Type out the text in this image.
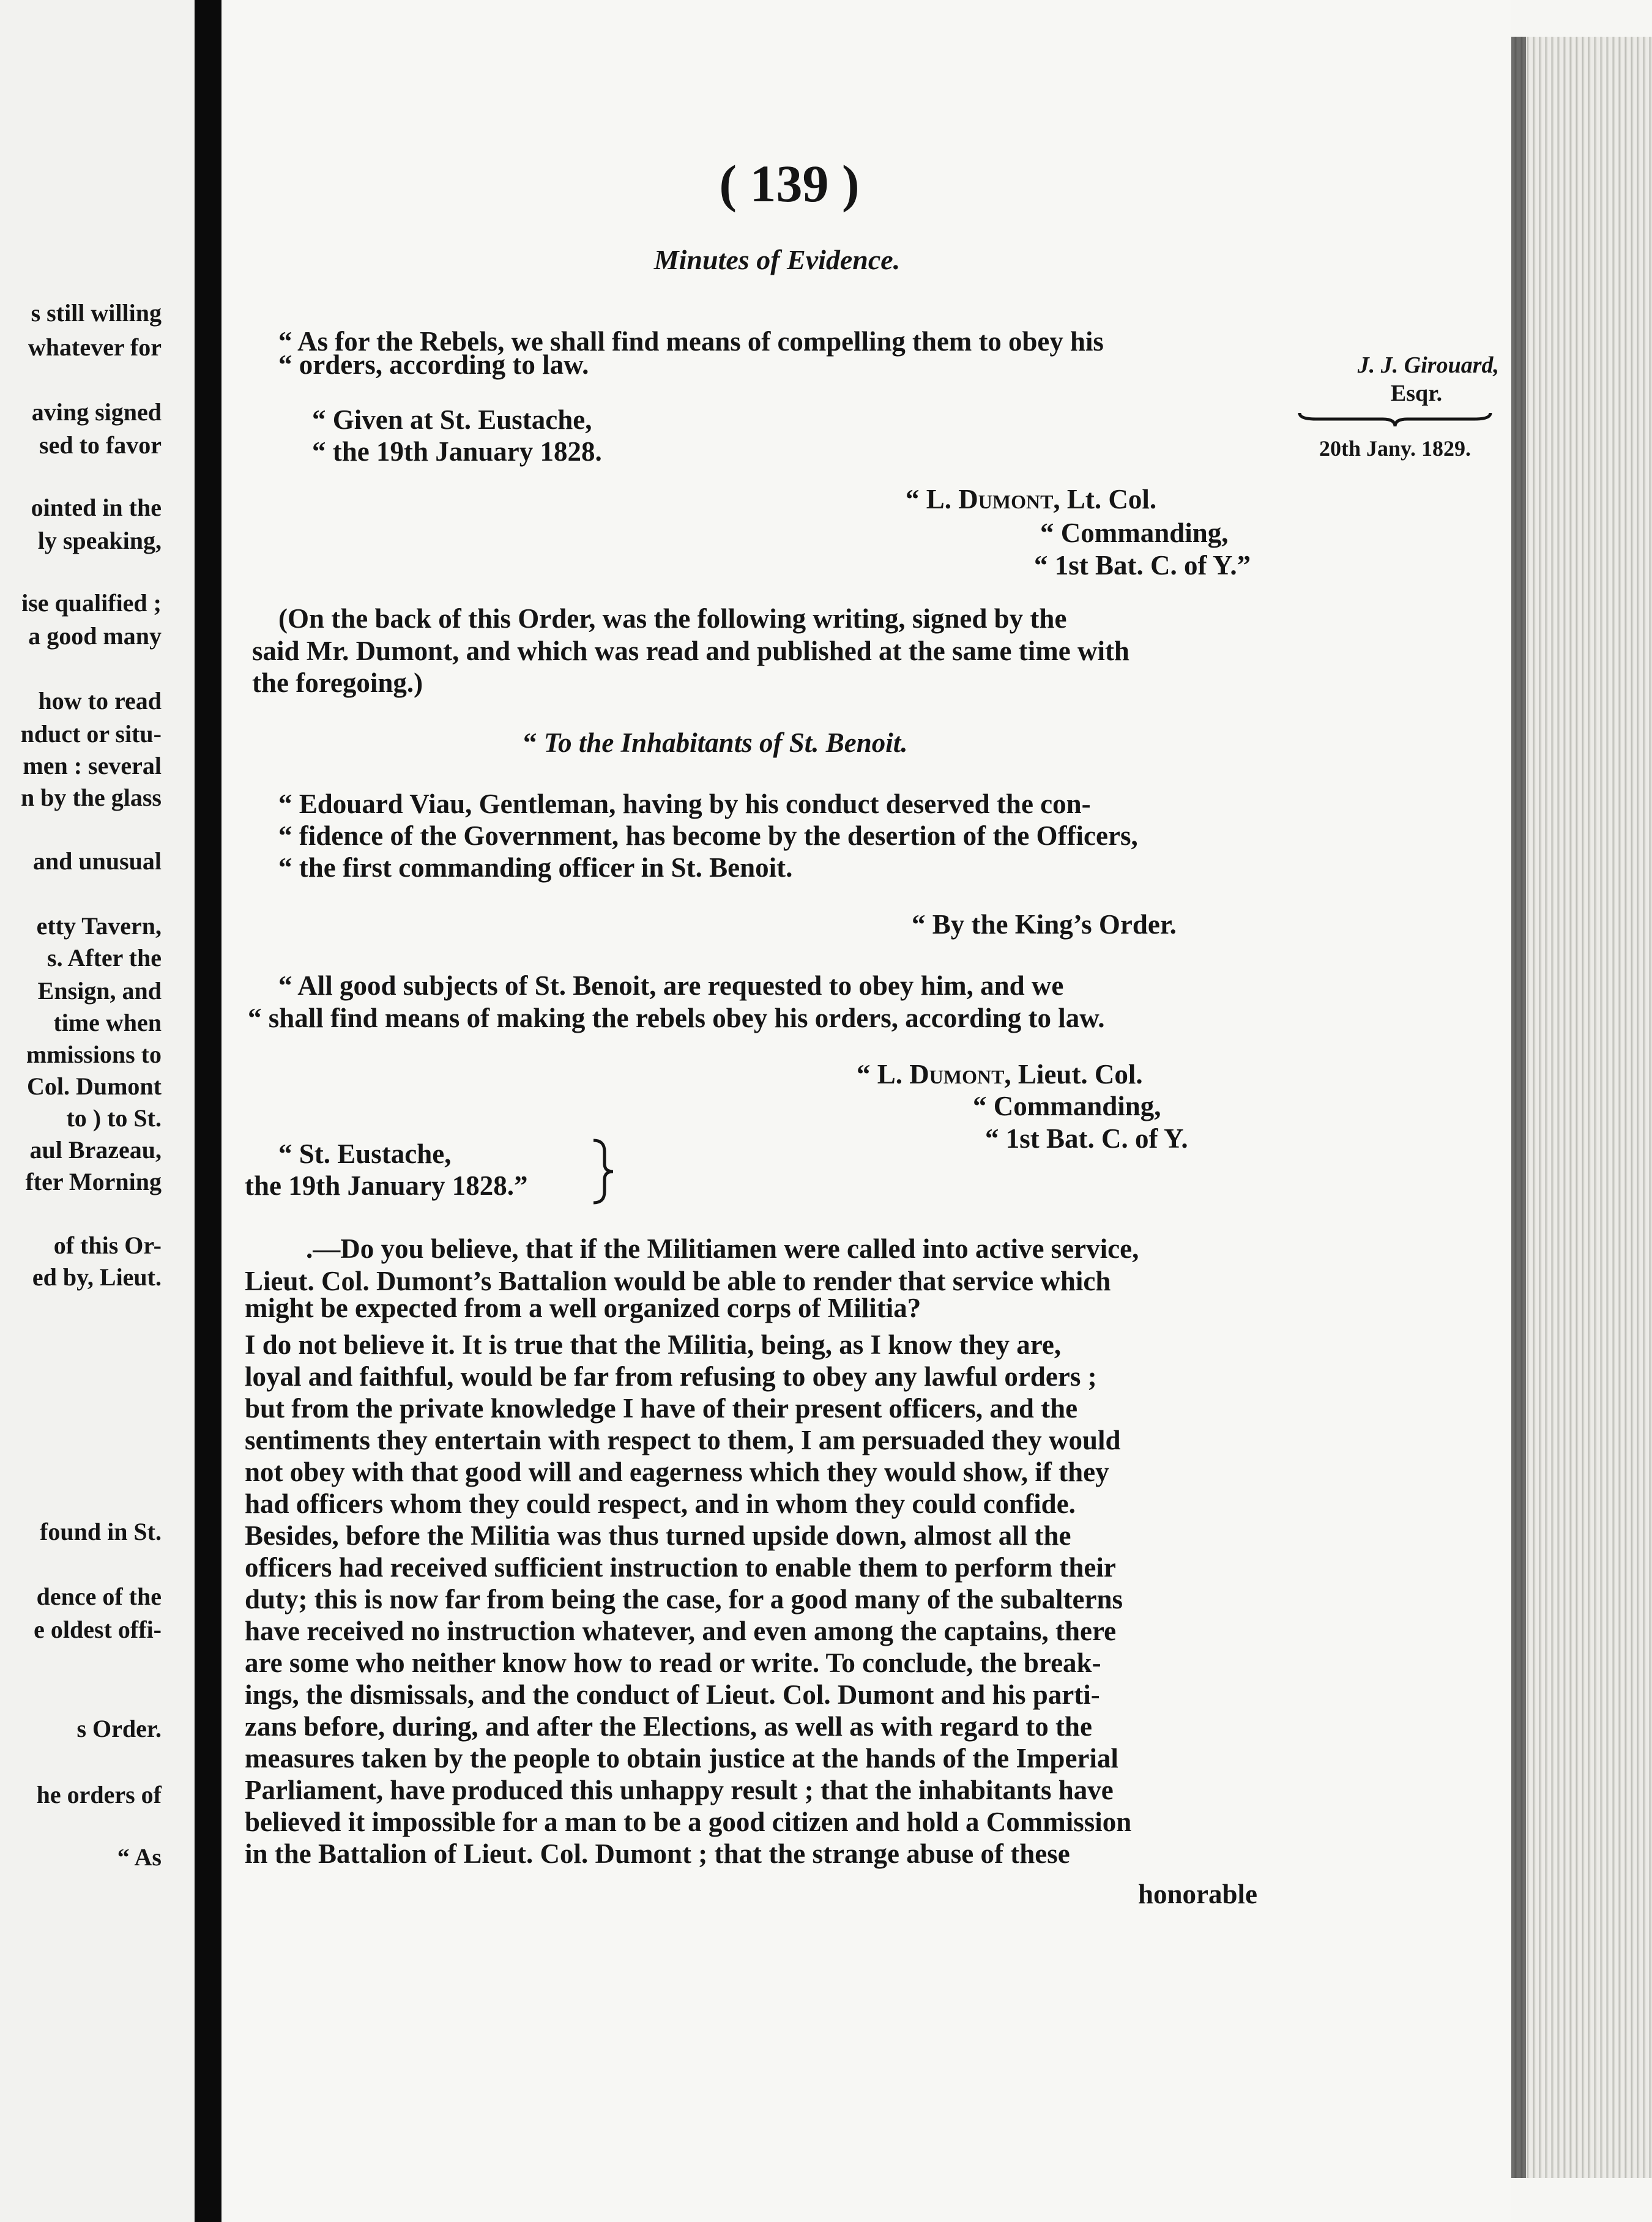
s still willing
whatever for
aving signed
sed to favor
ointed in the
ly speaking,
ise qualified ;
a good many
how to read
nduct or situ-
men : several
n by the glass
and unusual
etty Tavern,
s. After the
Ensign, and
time when
mmissions to
Col. Dumont
to ) to St.
aul Brazeau,
fter Morning
of this Or-
ed by, Lieut.
found in St.
dence of the
e oldest offi-
s Order.
he orders of
“ As
( 139 )
Minutes of Evidence.
J. J. Girouard,
Esqr.
20th Jany. 1829.
“ As for the Rebels, we shall find means of compelling them to obey his
“ orders, according to law.
“ Given at St. Eustache,
“ the 19th January 1828.
“ L. Dumont, Lt. Col.
“ Commanding,
“ 1st Bat. C. of Y.”
(On the back of this Order, was the following writing, signed by the
said Mr. Dumont, and which was read and published at the same time with
the foregoing.)
“ To the Inhabitants of St. Benoit.
“ Edouard Viau, Gentleman, having by his conduct deserved the con-
“ fidence of the Government, has become by the desertion of the Officers,
“ the first commanding officer in St. Benoit.
“ By the King’s Order.
“ All good subjects of St. Benoit, are requested to obey him, and we
“ shall find means of making the rebels obey his orders, according to law.
“ L. Dumont, Lieut. Col.
“ Commanding,
“ 1st Bat. C. of Y.
“ St. Eustache,
the 19th January 1828.”
.—Do you believe, that if the Militiamen were called into active service,
Lieut. Col. Dumont’s Battalion would be able to render that service which
might be expected from a well organized corps of Militia?
I do not believe it. It is true that the Militia, being, as I know they are,
loyal and faithful, would be far from refusing to obey any lawful orders ;
but from the private knowledge I have of their present officers, and the
sentiments they entertain with respect to them, I am persuaded they would
not obey with that good will and eagerness which they would show, if they
had officers whom they could respect, and in whom they could confide.
Besides, before the Militia was thus turned upside down, almost all the
officers had received sufficient instruction to enable them to perform their
duty; this is now far from being the case, for a good many of the subalterns
have received no instruction whatever, and even among the captains, there
are some who neither know how to read or write. To conclude, the break-
ings, the dismissals, and the conduct of Lieut. Col. Dumont and his parti-
zans before, during, and after the Elections, as well as with regard to the
measures taken by the people to obtain justice at the hands of the Imperial
Parliament, have produced this unhappy result ; that the inhabitants have
believed it impossible for a man to be a good citizen and hold a Commission
in the Battalion of Lieut. Col. Dumont ; that the strange abuse of these
honorable
